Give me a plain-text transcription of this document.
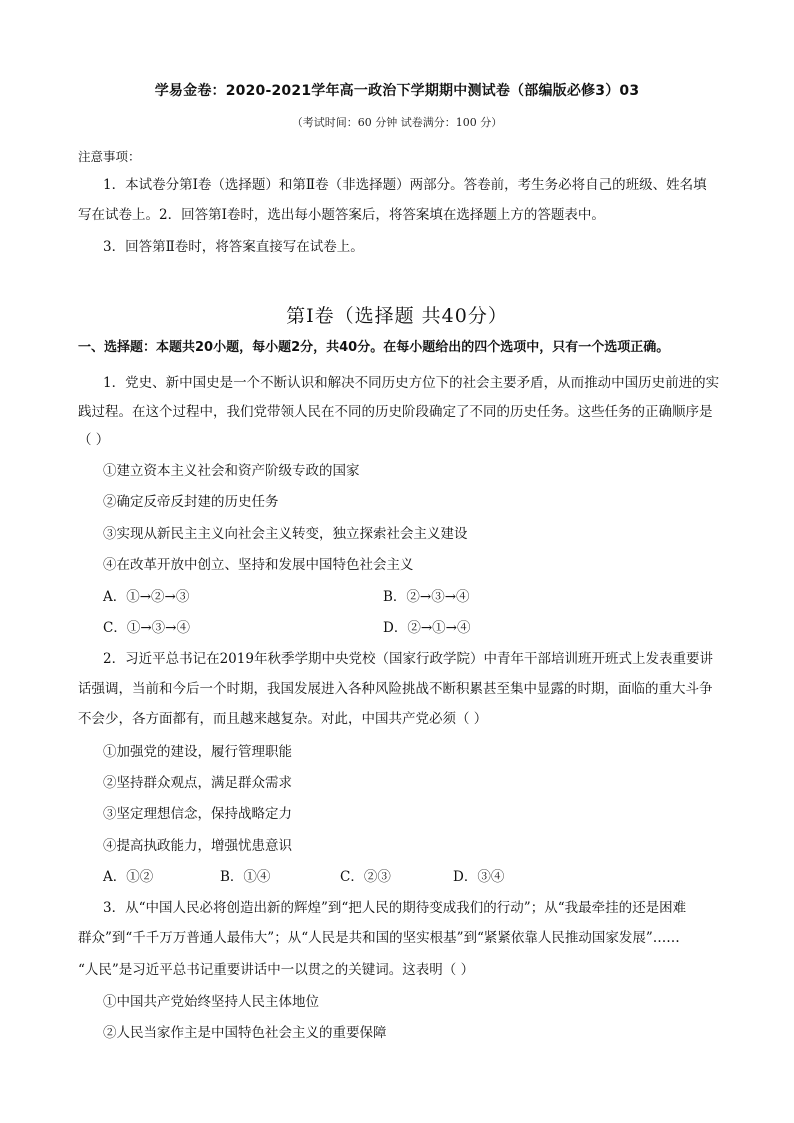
学易金卷：2020-2021学年高一政治下学期期中测试卷（部编版必修3）03
（考试时间：60 分钟 试卷满分：100 分）
注意事项：
1．本试卷分第Ⅰ卷（选择题）和第Ⅱ卷（非选择题）两部分。答卷前，考生务必将自己的班级、姓名填
写在试卷上。2．回答第Ⅰ卷时，选出每小题答案后，将答案填在选择题上方的答题表中。
3．回答第Ⅱ卷时，将答案直接写在试卷上。
第Ⅰ卷（选择题 共40分）
一、选择题：本题共20小题，每小题2分，共40分。在每小题给出的四个选项中，只有一个选项正确。
1．党史、新中国史是一个不断认识和解决不同历史方位下的社会主要矛盾，从而推动中国历史前进的实
践过程。在这个过程中，我们党带领人民在不同的历史阶段确定了不同的历史任务。这些任务的正确顺序是
（ ）
①建立资本主义社会和资产阶级专政的国家
②确定反帝反封建的历史任务
③实现从新民主主义向社会主义转变，独立探索社会主义建设
④在改革开放中创立、坚持和发展中国特色社会主义
A．①→②→③	B．②→③→④
C．①→③→④	D．②→①→④
2．习近平总书记在2019年秋季学期中央党校（国家行政学院）中青年干部培训班开班式上发表重要讲
话强调，当前和今后一个时期，我国发展进入各种风险挑战不断积累甚至集中显露的时期，面临的重大斗争
不会少，各方面都有，而且越来越复杂。对此，中国共产党必须（ ）
①加强党的建设，履行管理职能
②坚持群众观点，满足群众需求
③坚定理想信念，保持战略定力
④提高执政能力，增强忧患意识
A．①②	B．①④	C．②③	D．③④
3．从“中国人民必将创造出新的辉煌”到“把人民的期待变成我们的行动”；从“我最牵挂的还是困难
群众”到“千千万万普通人最伟大”；从“人民是共和国的坚实根基”到“紧紧依靠人民推动国家发展”……
“人民”是习近平总书记重要讲话中一以贯之的关键词。这表明（ ）
①中国共产党始终坚持人民主体地位
②人民当家作主是中国特色社会主义的重要保障
